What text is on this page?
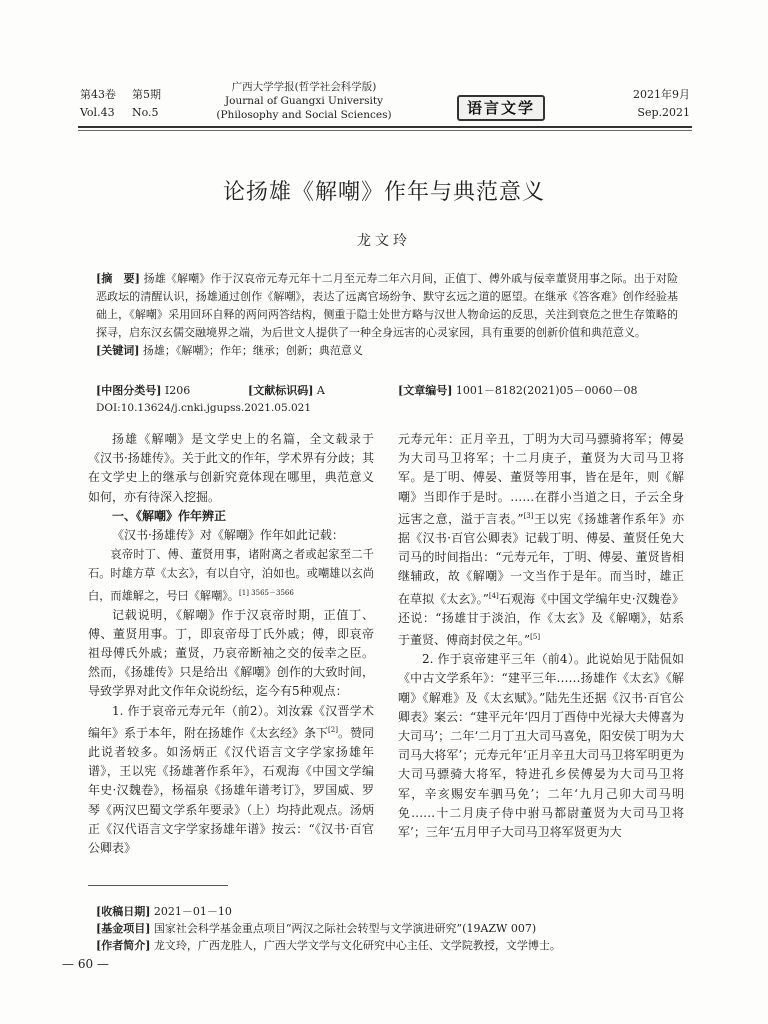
第43卷 第5期
Vol.43 No.5
广西大学学报(哲学社会科学版)
Journal of Guangxi University
(Philosophy and Social Sciences)	语言文学
2021年9月
Sep.2021
论扬雄《解嘲》作年与典范意义
龙文玲
[摘　要] 扬雄《解嘲》作于汉哀帝元寿元年十二月至元寿二年六月间，正值丁、傅外戚与佞幸董贤用事之际。出于对险恶政坛的清醒认识，扬雄通过创作《解嘲》，表达了远离官场纷争、默守玄远之道的愿望。在继承《答客难》创作经验基础上，《解嘲》采用回环自释的两问两答结构，侧重于隐士处世方略与汉世人物命运的反思，关注到衰危之世生存策略的探寻，启东汉玄儒交融境界之端，为后世文人提供了一种全身远害的心灵家园，具有重要的创新价值和典范意义。
[关键词] 扬雄；《解嘲》；作年；继承；创新；典范意义
[中图分类号] I206	[文献标识码] A	[文章编号] 1001－8182(2021)05－0060－08
DOI:10.13624/j.cnki.jgupss.2021.05.021

扬雄《解嘲》是文学史上的名篇，全文载录于《汉书·扬雄传》。关于此文的作年，学术界有分歧；其在文学史上的继承与创新究竟体现在哪里，典范意义如何，亦有待深入挖掘。

一、《解嘲》作年辨正

《汉书·扬雄传》对《解嘲》作年如此记载：

哀帝时丁、傅、董贤用事，诸附离之者或起家至二千石。时雄方草《太玄》，有以自守，泊如也。或嘲雄以玄尚白，而雄解之，号曰《解嘲》。$^{[1] 3565-3566}$

记载说明，《解嘲》作于汉哀帝时期，正值丁、傅、董贤用事。丁，即哀帝母丁氏外戚；傅，即哀帝祖母傅氏外戚；董贤，乃哀帝断袖之交的佞幸之臣。然而，《扬雄传》只是给出《解嘲》创作的大致时间，导致学界对此文作年众说纷纭，迄今有5种观点：

1. 作于哀帝元寿元年（前2）。刘汝霖《汉晋学术编年》系于本年，附在扬雄作《太玄经》条下[2]。赞同此说者较多。如汤炳正《汉代语言文字学家扬雄年谱》，王以宪《扬雄著作系年》，石观海《中国文学编年史·汉魏卷》，杨福泉《扬雄年谱考订》，罗国威、罗琴《两汉巴蜀文学系年要录》（上）均持此观点。汤炳正《汉代语言文字学家扬雄年谱》按云：“《汉书·百官公卿表》

元寿元年：正月辛丑，丁明为大司马骠骑将军；傅晏为大司马卫将军；十二月庚子，董贤为大司马卫将军。是丁明、傅晏、董贤等用事，皆在是年，则《解嘲》当即作于是时。……在群小当道之日，子云全身远害之意，溢于言表。”[3]王以宪《扬雄著作系年》亦据《汉书·百官公卿表》记载丁明、傅晏、董贤任免大司马的时间指出：“元寿元年，丁明、傅晏、董贤皆相继辅政，故《解嘲》一文当作于是年。而当时，雄正在草拟《太玄》。”[4]石观海《中国文学编年史·汉魏卷》还说：“扬雄甘于淡泊，作《太玄》及《解嘲》，姑系于董贤、傅商封侯之年。”[5]

2. 作于哀帝建平三年（前4）。此说始见于陆侃如《中古文学系年》：“建平三年……扬雄作《太玄》《解嘲》《解难》及《太玄赋》。”陆先生还据《汉书·百官公卿表》案云：“建平元年‘四月丁酉侍中光禄大夫傅喜为大司马’；二年‘二月丁丑大司马喜免，阳安侯丁明为大司马大将军’；元寿元年‘正月辛丑大司马卫将军明更为大司马骠骑大将军，特进孔乡侯傅晏为大司马卫将军，辛亥赐安车驷马免’；二年‘九月己卯大司马明免……十二月庚子侍中驸马都尉董贤为大司马卫将军’；三年‘五月甲子大司马卫将军贤更为大

[收稿日期] 2021－01－10
[基金项目] 国家社会科学基金重点项目“两汉之际社会转型与文学演进研究”(19AZW 007)
[作者简介] 龙文玲，广西龙胜人，广西大学文学与文化研究中心主任、文学院教授，文学博士。
— 60 —
